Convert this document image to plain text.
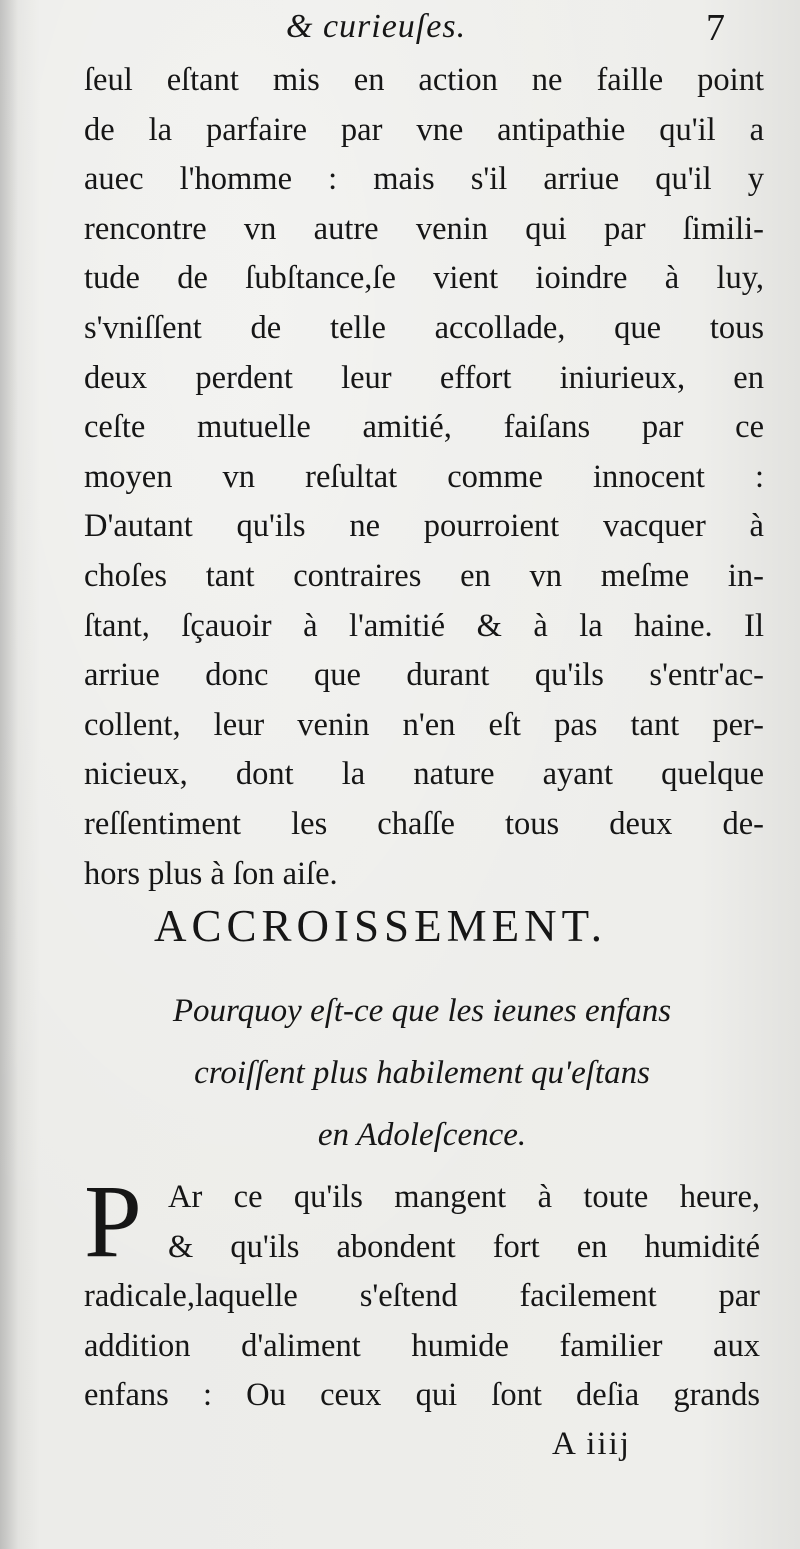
& curieuſes.	7
ſeul eſtant mis en action ne faille point
de la parfaire par vne antipathie qu'il a
auec l'homme : mais s'il arriue qu'il y
rencontre vn autre venin qui par ſimili-
tude de ſubſtance,ſe vient ioindre à luy,
s'vniſſent de telle accollade, que tous
deux perdent leur effort iniurieux, en
ceſte mutuelle amitié, faiſans par ce
moyen vn reſultat comme innocent :
D'autant qu'ils ne pourroient vacquer à
choſes tant contraires en vn meſme in-
ſtant, ſçauoir à l'amitié & à la haine. Il
arriue donc que durant qu'ils s'entr'ac-
collent, leur venin n'en eſt pas tant per-
nicieux, dont la nature ayant quelque
reſſentiment les chaſſe tous deux de-
hors plus à ſon aiſe.
ACCROISSEMENT.
Pourquoy eſt-ce que les ieunes enfans
croiſſent plus habilement qu'eſtans
en Adoleſcence.
P Ar ce qu'ils mangent à toute heure,
& qu'ils abondent fort en humidité
radicale,laquelle s'eſtend facilement par
addition d'aliment humide familier aux
enfans : Ou ceux qui ſont deſia grands
A iiij
